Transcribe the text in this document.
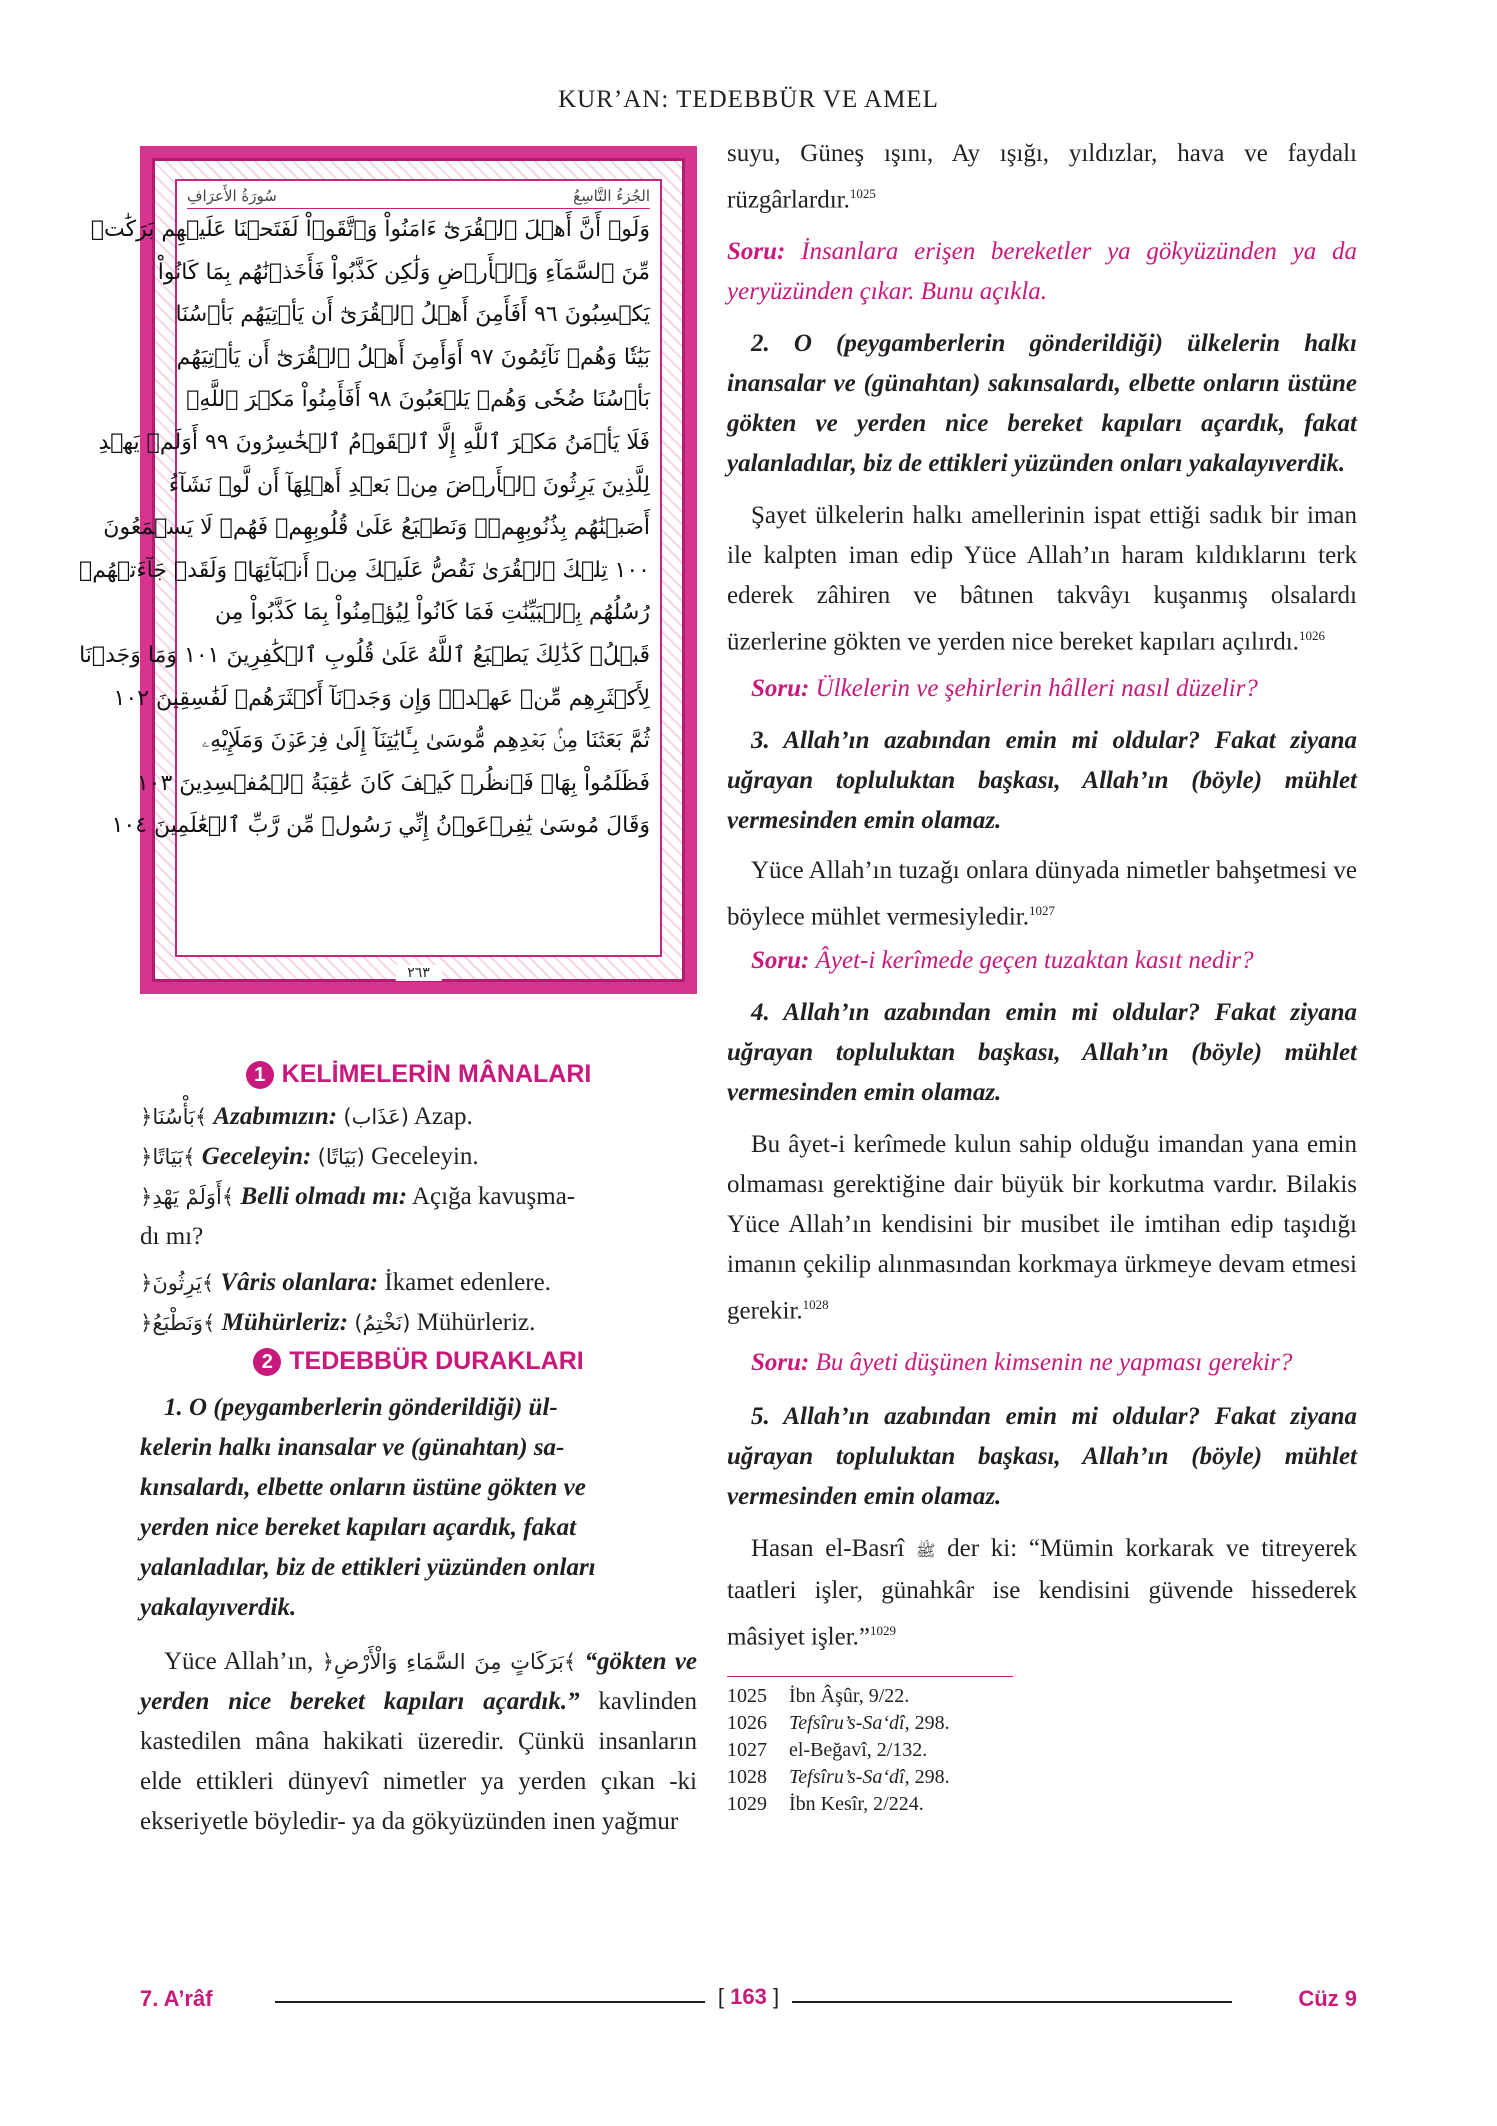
KUR’AN: TEDEBBÜR VE AMEL
الجُزءُ التَّاسِعُ
سُورَةُ الأَعرَافِ
وَلَوۡ أَنَّ أَهۡلَ ٱلۡقُرَىٰٓ ءَامَنُواْ وَٱتَّقَوۡاْ لَفَتَحۡنَا عَلَيۡهِم بَرَكَٰتٖ
مِّنَ ٱلسَّمَآءِ وَٱلۡأَرۡضِ وَلَٰكِن كَذَّبُواْ فَأَخَذۡنَٰهُم بِمَا كَانُواْ
يَكۡسِبُونَ ٩٦ أَفَأَمِنَ أَهۡلُ ٱلۡقُرَىٰٓ أَن يَأۡتِيَهُم بَأۡسُنَا
بَيَٰتٗا وَهُمۡ نَآئِمُونَ ٩٧ أَوَأَمِنَ أَهۡلُ ٱلۡقُرَىٰٓ أَن يَأۡتِيَهُم
بَأۡسُنَا ضُحٗى وَهُمۡ يَلۡعَبُونَ ٩٨ أَفَأَمِنُواْ مَكۡرَ ٱللَّهِۚ
فَلَا يَأۡمَنُ مَكۡرَ ٱللَّهِ إِلَّا ٱلۡقَوۡمُ ٱلۡخَٰسِرُونَ ٩٩ أَوَلَمۡ يَهۡدِ
لِلَّذِينَ يَرِثُونَ ٱلۡأَرۡضَ مِنۢ بَعۡدِ أَهۡلِهَآ أَن لَّوۡ نَشَآءُ
أَصَبۡنَٰهُم بِذُنُوبِهِمۡۚ وَنَطۡبَعُ عَلَىٰ قُلُوبِهِمۡ فَهُمۡ لَا يَسۡمَعُونَ
١٠٠ تِلۡكَ ٱلۡقُرَىٰ نَقُصُّ عَلَيۡكَ مِنۡ أَنۢبَآئِهَاۚ وَلَقَدۡ جَآءَتۡهُمۡ
رُسُلُهُم بِٱلۡبَيِّنَٰتِ فَمَا كَانُواْ لِيُؤۡمِنُواْ بِمَا كَذَّبُواْ مِن
قَبۡلُۚ كَذَٰلِكَ يَطۡبَعُ ٱللَّهُ عَلَىٰ قُلُوبِ ٱلۡكَٰفِرِينَ ١٠١ وَمَا وَجَدۡنَا
لِأَكۡثَرِهِم مِّنۡ عَهۡدٖۖ وَإِن وَجَدۡنَآ أَكۡثَرَهُمۡ لَفَٰسِقِينَ ١٠٢
ثُمَّ بَعَثۡنَا مِنۢ بَعۡدِهِم مُّوسَىٰ بِـَٔايَٰتِنَآ إِلَىٰ فِرۡعَوۡنَ وَمَلَإِيْهِۦ
فَظَلَمُواْ بِهَاۖ فَٱنظُرۡ كَيۡفَ كَانَ عَٰقِبَةُ ٱلۡمُفۡسِدِينَ ١٠٣
وَقَالَ مُوسَىٰ يَٰفِرۡعَوۡنُ إِنِّي رَسُولٞ مِّن رَّبِّ ٱلۡعَٰلَمِينَ ١٠٤
٢٦٣
1 KELİMELERİN MÂNALARI

﴿بَأْسُنَا﴾ Azabımızın: (عَذَاب) Azap.

﴿بَيَاتًا﴾ Geceleyin: (بَيَاتًا) Geceleyin.

﴿أَوَلَمْ يَهْدِ﴾ Belli olmadı mı: Açığa kavuşma-
dı mı?

﴿يَرِثُونَ﴾ Vâris olanlara: İkamet edenlere.

﴿وَنَطْبَعُ﴾ Mühürleriz: (نَخْتِمُ) Mühürleriz.

2 TEDEBBÜR DURAKLARI
1. O (peygamberlerin gönderildiği) ül-
kelerin halkı inansalar ve (günahtan) sa-
kınsalardı, elbette onların üstüne gökten ve
yerden nice bereket kapıları açardık, fakat
yalanladılar, biz de ettikleri yüzünden onları
yakalayıverdik.

Yüce Allah’ın, ﴿بَرَكَاتٍ مِنَ السَّمَاءِ وَالْأَرْضِ﴾ “gökten ve yerden nice bereket kapıları açardık.” kavlinden kastedilen mâna hakikati üzeredir. Çünkü insanların elde ettikleri dünyevî nimetler ya yerden çıkan -ki ekseriyetle böyledir- ya da gökyüzünden inen yağmur

suyu, Güneş ışını, Ay ışığı, yıldızlar, hava ve faydalı rüzgârlardır.$^{1025}$

Soru: İnsanlara erişen bereketler ya gökyüzünden ya da yeryüzünden çıkar. Bunu açıkla.

2. O (peygamberlerin gönderildiği) ülkelerin halkı inansalar ve (günahtan) sakınsalardı, elbette onların üstüne gökten ve yerden nice bereket kapıları açardık, fakat yalanladılar, biz de ettikleri yüzünden onları yakalayıverdik.

Şayet ülkelerin halkı amellerinin ispat ettiği sadık bir iman ile kalpten iman edip Yüce Allah’ın haram kıldıklarını terk ederek zâhiren ve bâtınen takvâyı kuşanmış olsalardı üzerlerine gökten ve yerden nice bereket kapıları açılırdı.$^{1026}$

Soru: Ülkelerin ve şehirlerin hâlleri nasıl düzelir?

3. Allah’ın azabından emin mi oldular? Fakat ziyana uğrayan topluluktan başkası, Allah’ın (böyle) mühlet vermesinden emin olamaz.

Yüce Allah’ın tuzağı onlara dünyada nimetler bahşetmesi ve böylece mühlet vermesiyledir.$^{1027}$

Soru: Âyet-i kerîmede geçen tuzaktan kasıt nedir?

4. Allah’ın azabından emin mi oldular? Fakat ziyana uğrayan topluluktan başkası, Allah’ın (böyle) mühlet vermesinden emin olamaz.

Bu âyet-i kerîmede kulun sahip olduğu imandan yana emin olmaması gerektiğine dair büyük bir korkutma vardır. Bilakis Yüce Allah’ın kendisini bir musibet ile imtihan edip taşıdığı imanın çekilip alınmasından korkmaya ürkmeye devam etmesi gerekir.$^{1028}$

Soru: Bu âyeti düşünen kimsenin ne yapması gerekir?

5. Allah’ın azabından emin mi oldular? Fakat ziyana uğrayan topluluktan başkası, Allah’ın (böyle) mühlet vermesinden emin olamaz.

Hasan el-Basrî ﷺ der ki: “Mümin korkarak ve titreyerek taatleri işler, günahkâr ise kendisini güvende hissederek mâsiyet işler.”$^{1029}$

1025 İbn Âşûr, 9/22.
1026 Tefsîru’s-Sa‘dî, 298.
1027 el-Beğavî, 2/132.
1028 Tefsîru’s-Sa‘dî, 298.
1029 İbn Kesîr, 2/224.
7. A’râf	[ 163 ]	Cüz 9
